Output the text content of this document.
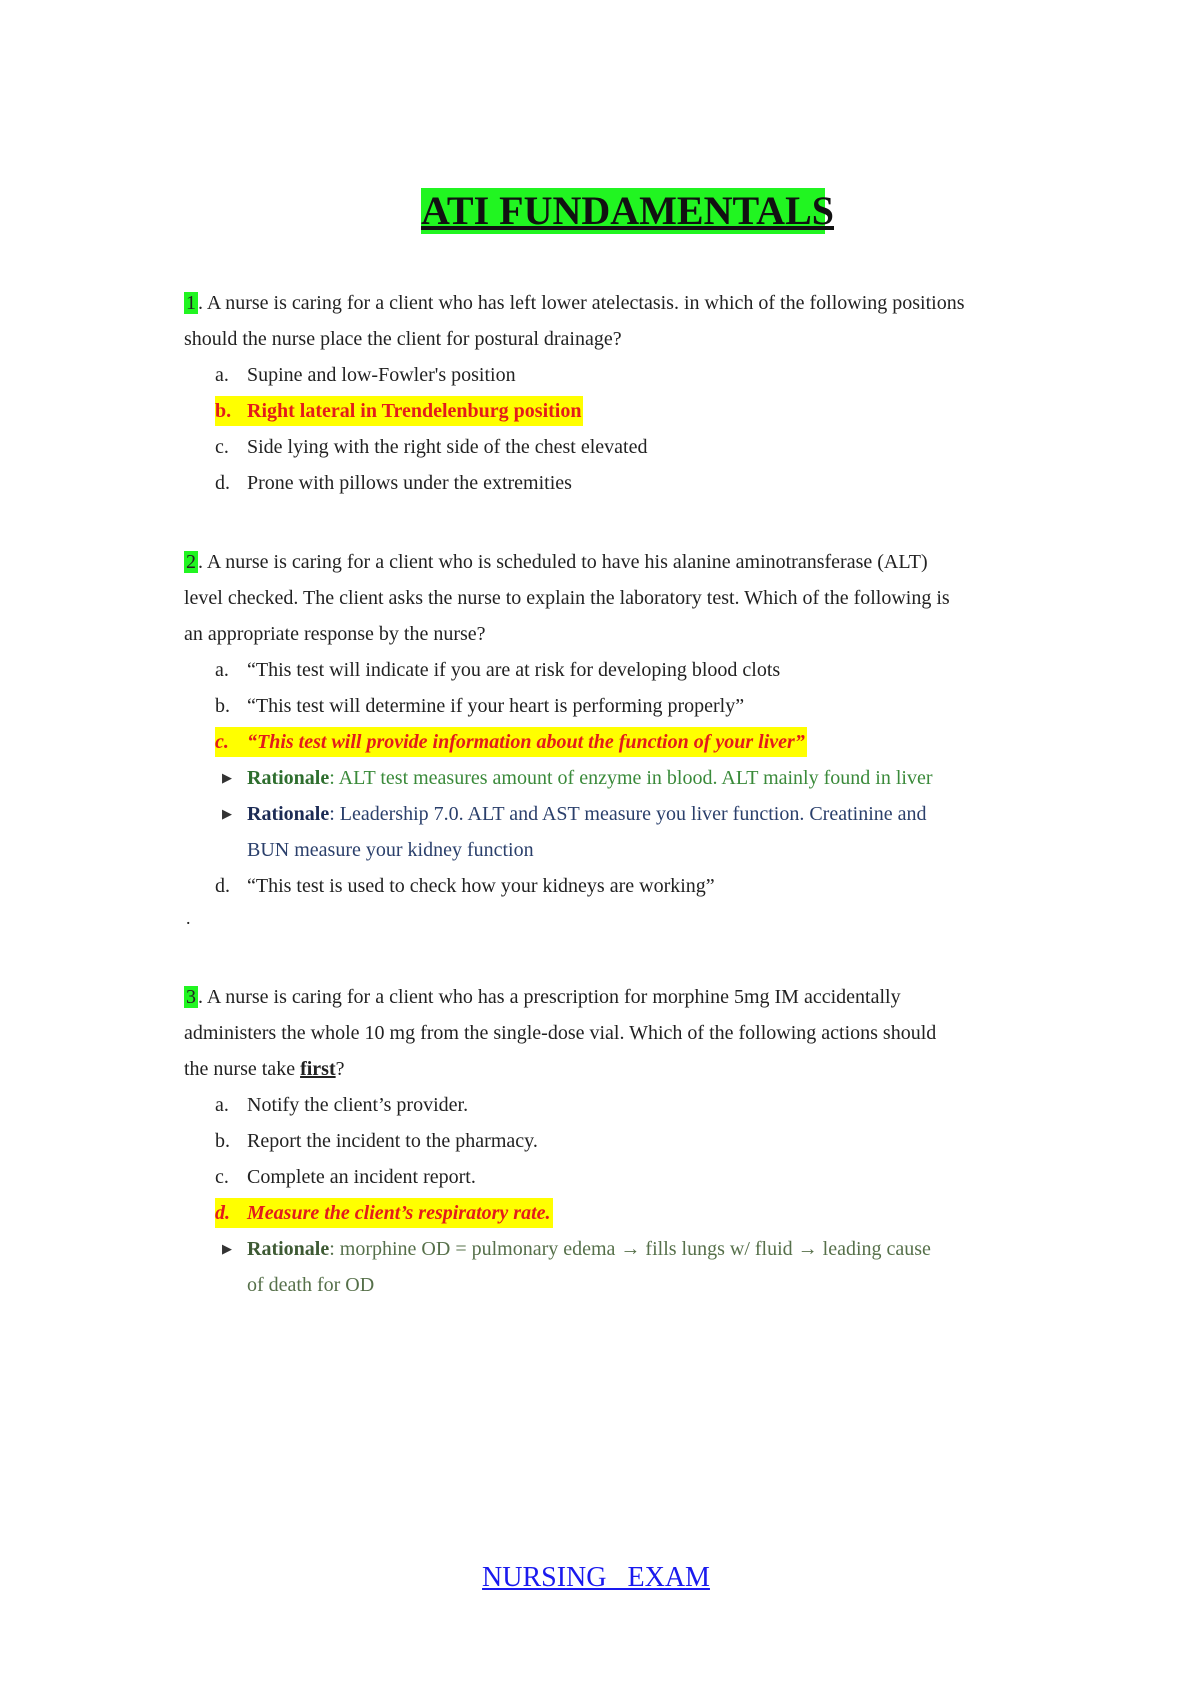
ATI FUNDAMENTALS
1 . A nurse is caring for a client who has left lower atelectasis. in which of the following positions
should the nurse place the client for postural drainage?
a. Supine and low-Fowler's position
b. Right lateral in Trendelenburg position
c. Side lying with the right side of the chest elevated
d. Prone with pillows under the extremities
2 . A nurse is caring for a client who is scheduled to have his alanine aminotransferase (ALT)
level checked. The client asks the nurse to explain the laboratory test. Which of the following is
an appropriate response by the nurse?
a. “This test will indicate if you are at risk for developing blood clots
b. “This test will determine if your heart is performing properly”
c. “This test will provide information about the function of your liver”
▶ Rationale: ALT test measures amount of enzyme in blood. ALT mainly found in liver
▶ Rationale: Leadership 7.0. ALT and AST measure you liver function. Creatinine and
BUN measure your kidney function
d. “This test is used to check how your kidneys are working”
.
3 . A nurse is caring for a client who has a prescription for morphine 5mg IM accidentally
administers the whole 10 mg from the single-dose vial. Which of the following actions should
the nurse take first?
a. Notify the client’s provider.
b. Report the incident to the pharmacy.
c. Complete an incident report.
d. Measure the client’s respiratory rate.
▶ Rationale: morphine OD = pulmonary edema → fills lungs w/ fluid → leading cause
of death for OD
NURSING   EXAM
